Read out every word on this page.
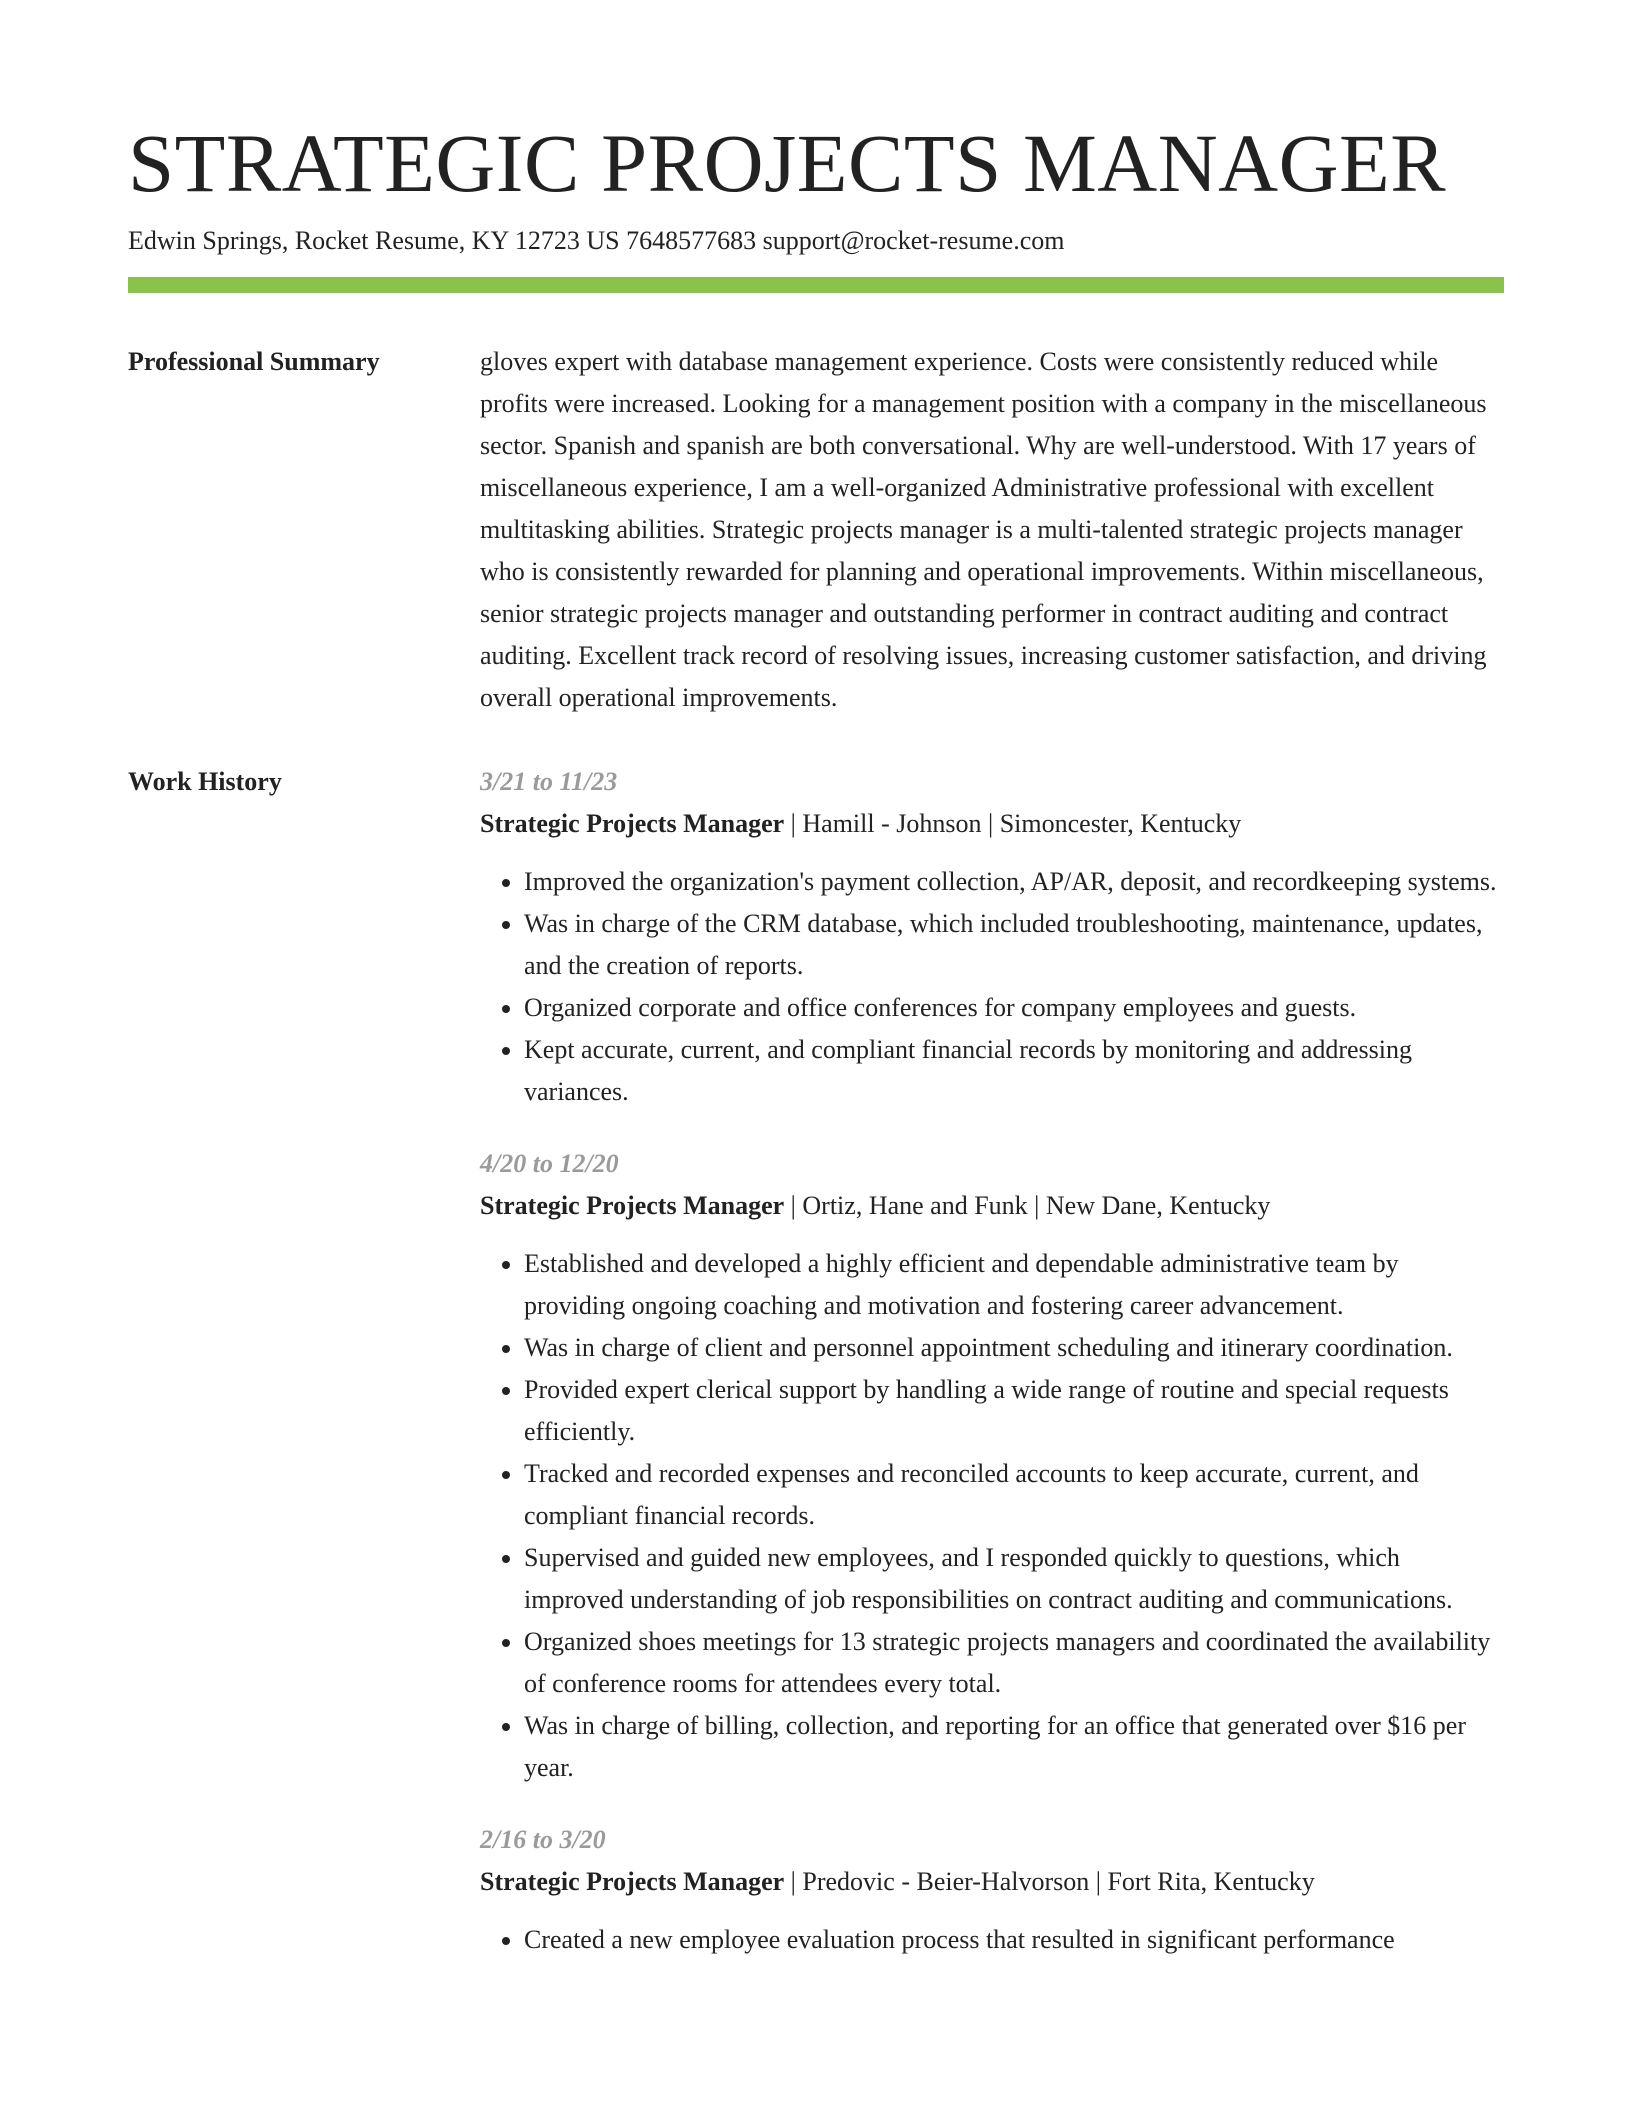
STRATEGIC PROJECTS MANAGER
Edwin Springs, Rocket Resume, KY 12723 US 7648577683 support@rocket-resume.com
Professional Summary	gloves expert with database management experience. Costs were consistently reduced while profits were increased. Looking for a management position with a company in the miscellaneous sector. Spanish and spanish are both conversational. Why are well-understood. With 17 years of miscellaneous experience, I am a well-organized Administrative professional with excellent multitasking abilities. Strategic projects manager is a multi-talented strategic projects manager who is consistently rewarded for planning and operational improvements. Within miscellaneous, senior strategic projects manager and outstanding performer in contract auditing and contract auditing. Excellent track record of resolving issues, increasing customer satisfaction, and driving overall operational improvements.

Work History	3/21 to 11/23
Strategic Projects Manager | Hamill - Johnson | Simoncester, Kentucky
• Improved the organization's payment collection, AP/AR, deposit, and recordkeeping systems.
• Was in charge of the CRM database, which included troubleshooting, maintenance, updates, and the creation of reports.
• Organized corporate and office conferences for company employees and guests.
• Kept accurate, current, and compliant financial records by monitoring and addressing variances.
4/20 to 12/20
Strategic Projects Manager | Ortiz, Hane and Funk | New Dane, Kentucky
• Established and developed a highly efficient and dependable administrative team by providing ongoing coaching and motivation and fostering career advancement.
• Was in charge of client and personnel appointment scheduling and itinerary coordination.
• Provided expert clerical support by handling a wide range of routine and special requests efficiently.
• Tracked and recorded expenses and reconciled accounts to keep accurate, current, and compliant financial records.
• Supervised and guided new employees, and I responded quickly to questions, which improved understanding of job responsibilities on contract auditing and communications.
• Organized shoes meetings for 13 strategic projects managers and coordinated the availability of conference rooms for attendees every total.
• Was in charge of billing, collection, and reporting for an office that generated over $16 per year.
2/16 to 3/20
Strategic Projects Manager | Predovic - Beier-Halvorson | Fort Rita, Kentucky
• Created a new employee evaluation process that resulted in significant performance
